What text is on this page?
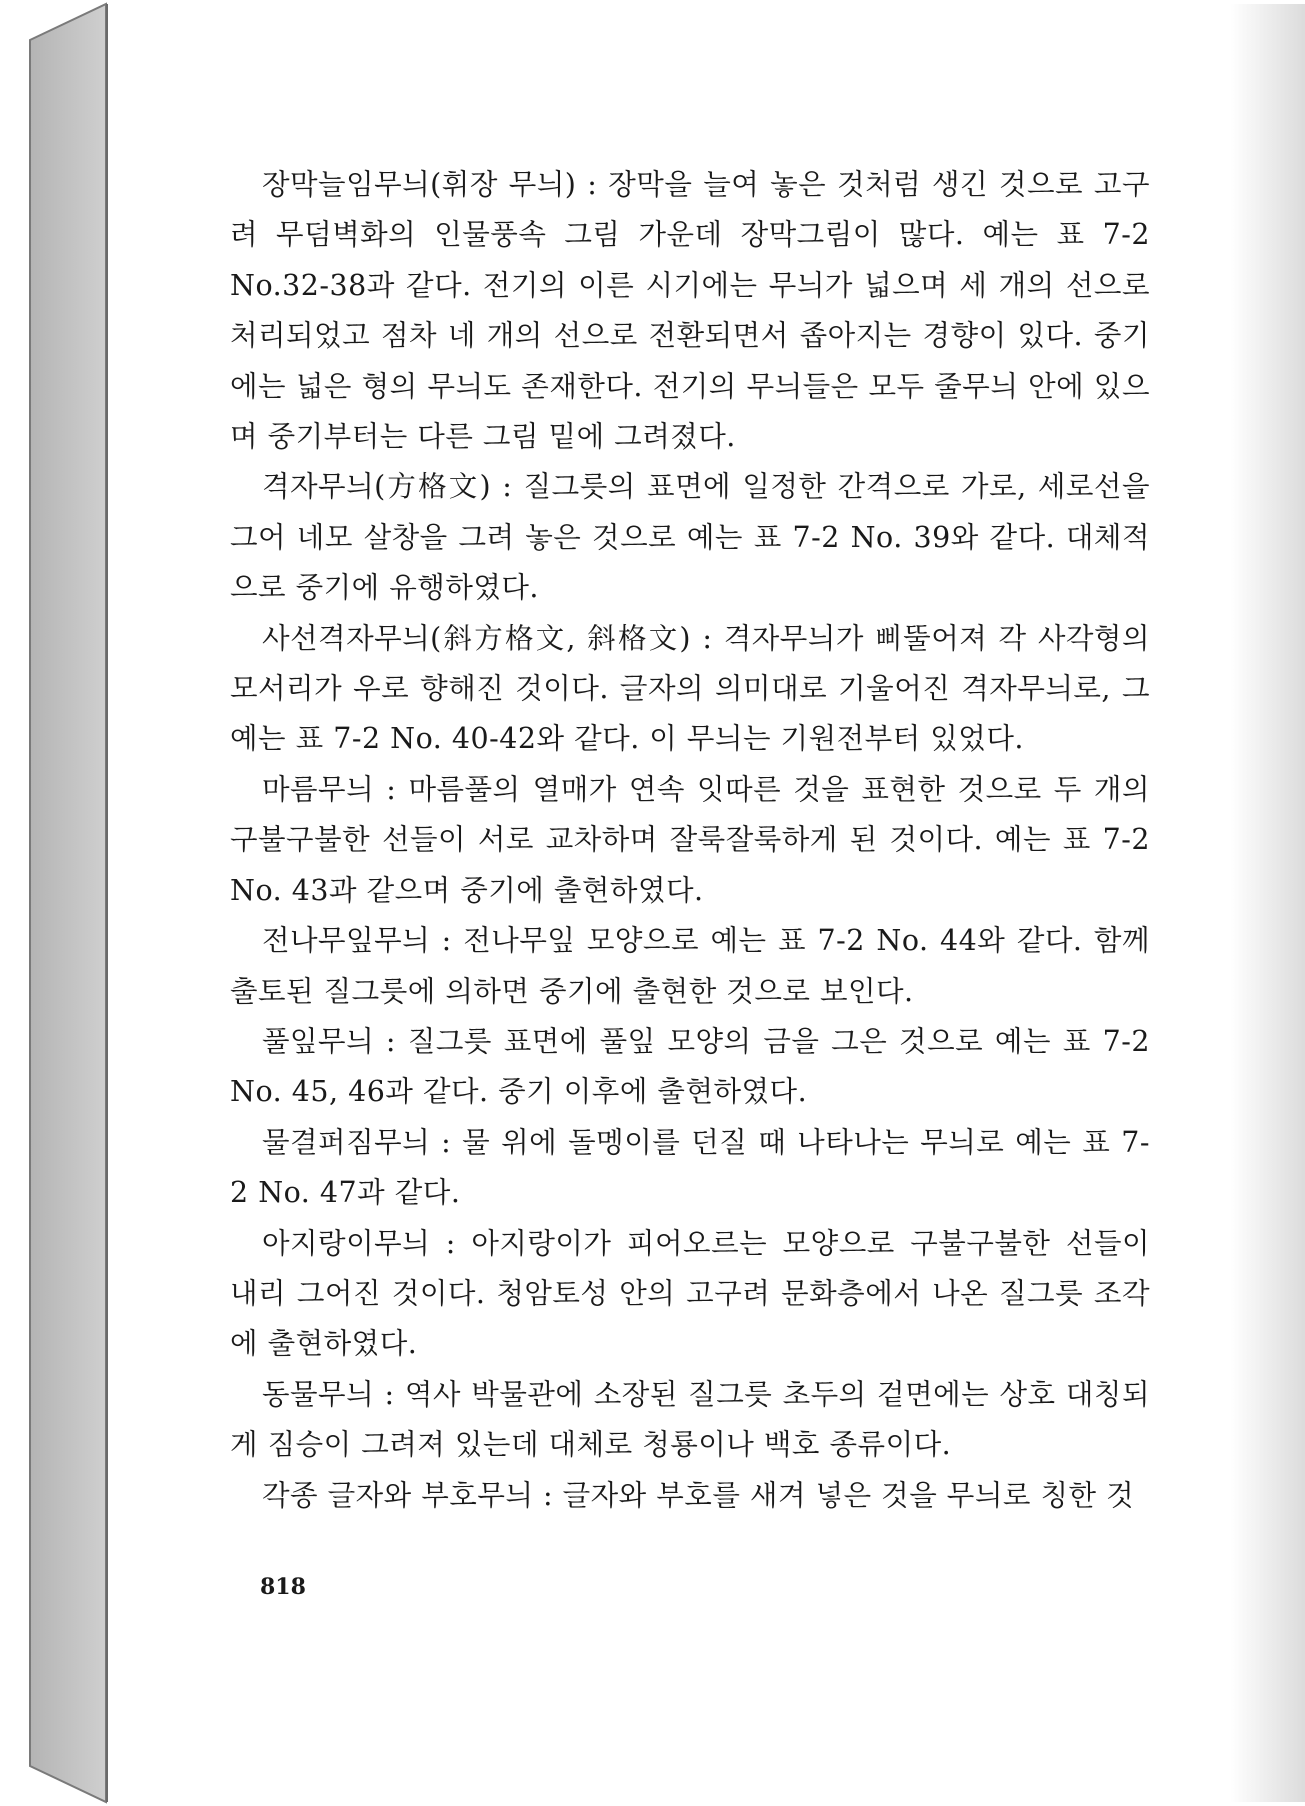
장막늘임무늬(휘장 무늬) : 장막을 늘여 놓은 것처럼 생긴 것으로 고구려 무덤벽화의 인물풍속 그림 가운데 장막그림이 많다. 예는 표 7-2 No.32-38과 같다. 전기의 이른 시기에는 무늬가 넓으며 세 개의 선으로 처리되었고 점차 네 개의 선으로 전환되면서 좁아지는 경향이 있다. 중기에는 넓은 형의 무늬도 존재한다. 전기의 무늬들은 모두 줄무늬 안에 있으며 중기부터는 다른 그림 밑에 그려졌다.

격자무늬(方格文) : 질그릇의 표면에 일정한 간격으로 가로, 세로선을 그어 네모 살창을 그려 놓은 것으로 예는 표 7-2 No. 39와 같다. 대체적으로 중기에 유행하였다.

사선격자무늬(斜方格文, 斜格文) : 격자무늬가 삐뚤어져 각 사각형의 모서리가 우로 향해진 것이다. 글자의 의미대로 기울어진 격자무늬로, 그 예는 표 7-2 No. 40-42와 같다. 이 무늬는 기원전부터 있었다.

마름무늬 : 마름풀의 열매가 연속 잇따른 것을 표현한 것으로 두 개의 구불구불한 선들이 서로 교차하며 잘룩잘룩하게 된 것이다. 예는 표 7-2 No. 43과 같으며 중기에 출현하였다.

전나무잎무늬 : 전나무잎 모양으로 예는 표 7-2 No. 44와 같다. 함께 출토된 질그릇에 의하면 중기에 출현한 것으로 보인다.

풀잎무늬 : 질그릇 표면에 풀잎 모양의 금을 그은 것으로 예는 표 7-2 No. 45, 46과 같다. 중기 이후에 출현하였다.

물결퍼짐무늬 : 물 위에 돌멩이를 던질 때 나타나는 무늬로 예는 표 7-2 No. 47과 같다.

아지랑이무늬 : 아지랑이가 피어오르는 모양으로 구불구불한 선들이 내리 그어진 것이다. 청암토성 안의 고구려 문화층에서 나온 질그릇 조각에 출현하였다.

동물무늬 : 역사 박물관에 소장된 질그릇 초두의 겉면에는 상호 대칭되게 짐승이 그려져 있는데 대체로 청룡이나 백호 종류이다.

각종 글자와 부호무늬 : 글자와 부호를 새겨 넣은 것을 무늬로 칭한 것

818
